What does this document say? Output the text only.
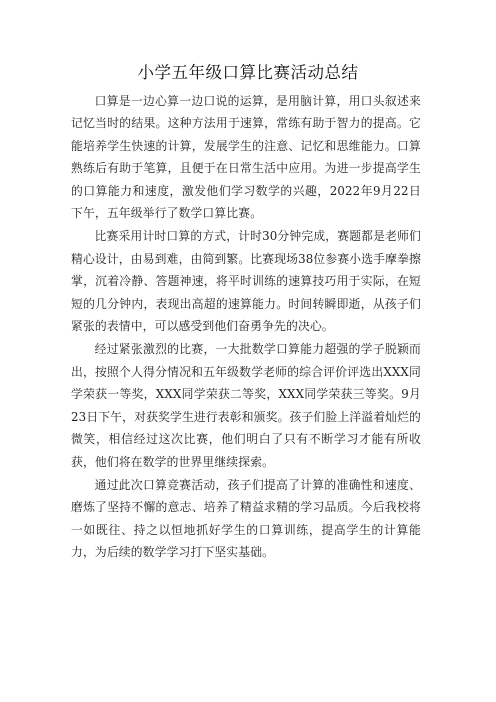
小学五年级口算比赛活动总结

口算是一边心算一边口说的运算，是用脑计算，用口头叙述来记忆当时的结果。这种方法用于速算，常练有助于智力的提高。它能培养学生快速的计算，发展学生的注意、记忆和思维能力。口算熟练后有助于笔算，且便于在日常生活中应用。为进一步提高学生的口算能力和速度，激发他们学习数学的兴趣，2022年9月22日下午，五年级举行了数学口算比赛。

比赛采用计时口算的方式，计时30分钟完成，赛题都是老师们精心设计，由易到难，由简到繁。比赛现场38位参赛小选手摩拳擦掌，沉着冷静、答题神速，将平时训练的速算技巧用于实际，在短短的几分钟内，表现出高超的速算能力。时间转瞬即逝，从孩子们紧张的表情中，可以感受到他们奋勇争先的决心。

经过紧张激烈的比赛，一大批数学口算能力超强的学子脱颖而出，按照个人得分情况和五年级数学老师的综合评价评选出XXX同学荣获一等奖，XXX同学荣获二等奖，XXX同学荣获三等奖。9月23日下午，对获奖学生进行表彰和颁奖。孩子们脸上洋溢着灿烂的微笑，相信经过这次比赛，他们明白了只有不断学习才能有所收获，他们将在数学的世界里继续探索。

通过此次口算竞赛活动，孩子们提高了计算的准确性和速度、磨炼了坚持不懈的意志、培养了精益求精的学习品质。今后我校将一如既往、持之以恒地抓好学生的口算训练，提高学生的计算能力，为后续的数学学习打下坚实基础。
